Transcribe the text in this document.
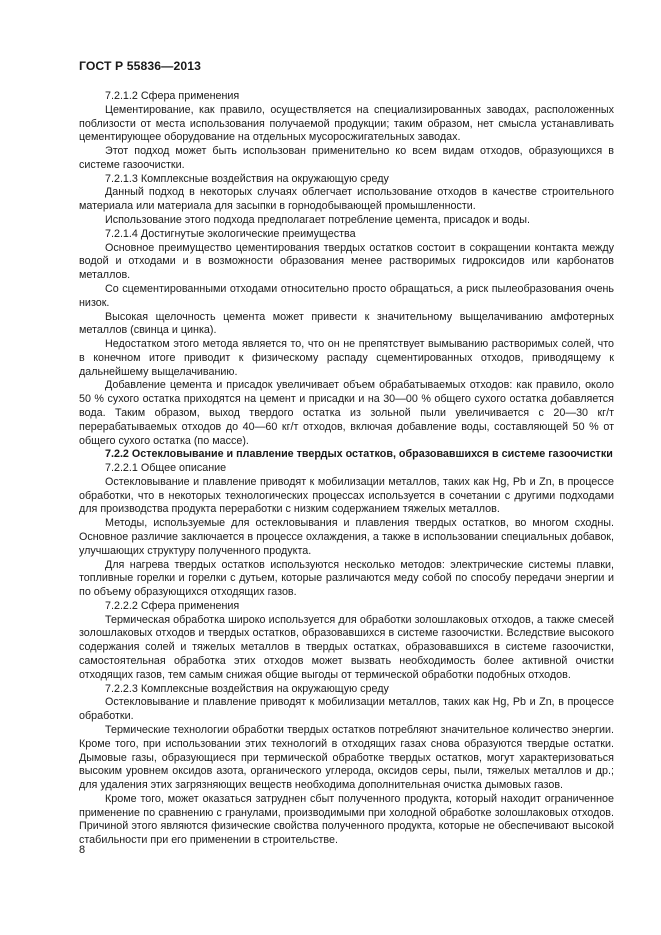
ГОСТ Р 55836—2013

7.2.1.2 Сфера применения

Цементирование, как правило, осуществляется на специализированных заводах, расположенных поблизости от места использования получаемой продукции; таким образом, нет смысла устанавливать цементирующее оборудование на отдельных мусоросжигательных заводах.

Этот подход может быть использован применительно ко всем видам отходов, образующихся в системе газоочистки.

7.2.1.3 Комплексные воздействия на окружающую среду

Данный подход в некоторых случаях облегчает использование отходов в качестве строительного материала или материала для засыпки в горнодобывающей промышленности.

Использование этого подхода предполагает потребление цемента, присадок и воды.

7.2.1.4 Достигнутые экологические преимущества

Основное преимущество цементирования твердых остатков состоит в сокращении контакта между водой и отходами и в возможности образования менее растворимых гидроксидов или карбонатов металлов.

Со сцементированными отходами относительно просто обращаться, а риск пылеобразования очень низок.

Высокая щелочность цемента может привести к значительному выщелачиванию амфотерных металлов (свинца и цинка).

Недостатком этого метода является то, что он не препятствует вымыванию растворимых солей, что в конечном итоге приводит к физическому распаду сцементированных отходов, приводящему к дальнейшему выщелачиванию.

Добавление цемента и присадок увеличивает объем обрабатываемых отходов: как правило, около 50 % сухого остатка приходятся на цемент и присадки и на 30—00 % общего сухого остатка добавляется вода. Таким образом, выход твердого остатка из зольной пыли увеличивается с 20—30 кг/т перерабатываемых отходов до 40—60 кг/т отходов, включая добавление воды, составляющей 50 % от общего сухого остатка (по массе).

7.2.2 Остекловывание и плавление твердых остатков, образовавшихся в системе газоочистки

7.2.2.1 Общее описание

Остекловывание и плавление приводят к мобилизации металлов, таких как Hg, Pb и Zn, в процессе обработки, что в некоторых технологических процессах используется в сочетании с другими подходами для производства продукта переработки с низким содержанием тяжелых металлов.

Методы, используемые для остекловывания и плавления твердых остатков, во многом сходны. Основное различие заключается в процессе охлаждения, а также в использовании специальных добавок, улучшающих структуру полученного продукта.

Для нагрева твердых остатков используются несколько методов: электрические системы плавки, топливные горелки и горелки с дутьем, которые различаются меду собой по способу передачи энергии и по объему образующихся отходящих газов.

7.2.2.2 Сфера применения

Термическая обработка широко используется для обработки золошлаковых отходов, а также смесей золошлаковых отходов и твердых остатков, образовавшихся в системе газоочистки. Вследствие высокого содержания солей и тяжелых металлов в твердых остатках, образовавшихся в системе газоочистки, самостоятельная обработка этих отходов может вызвать необходимость более активной очистки отходящих газов, тем самым снижая общие выгоды от термической обработки подобных отходов.

7.2.2.3 Комплексные воздействия на окружающую среду

Остекловывание и плавление приводят к мобилизации металлов, таких как Hg, Pb и Zn, в процессе обработки.

Термические технологии обработки твердых остатков потребляют значительное количество энергии. Кроме того, при использовании этих технологий в отходящих газах снова образуются твердые остатки. Дымовые газы, образующиеся при термической обработке твердых остатков, могут характеризоваться высоким уровнем оксидов азота, органического углерода, оксидов серы, пыли, тяжелых металлов и др.; для удаления этих загрязняющих веществ необходима дополнительная очистка дымовых газов.

Кроме того, может оказаться затруднен сбыт полученного продукта, который находит ограниченное применение по сравнению с гранулами, производимыми при холодной обработке золошлаковых отходов. Причиной этого являются физические свойства полученного продукта, которые не обеспечивают высокой стабильности при его применении в строительстве.

8
